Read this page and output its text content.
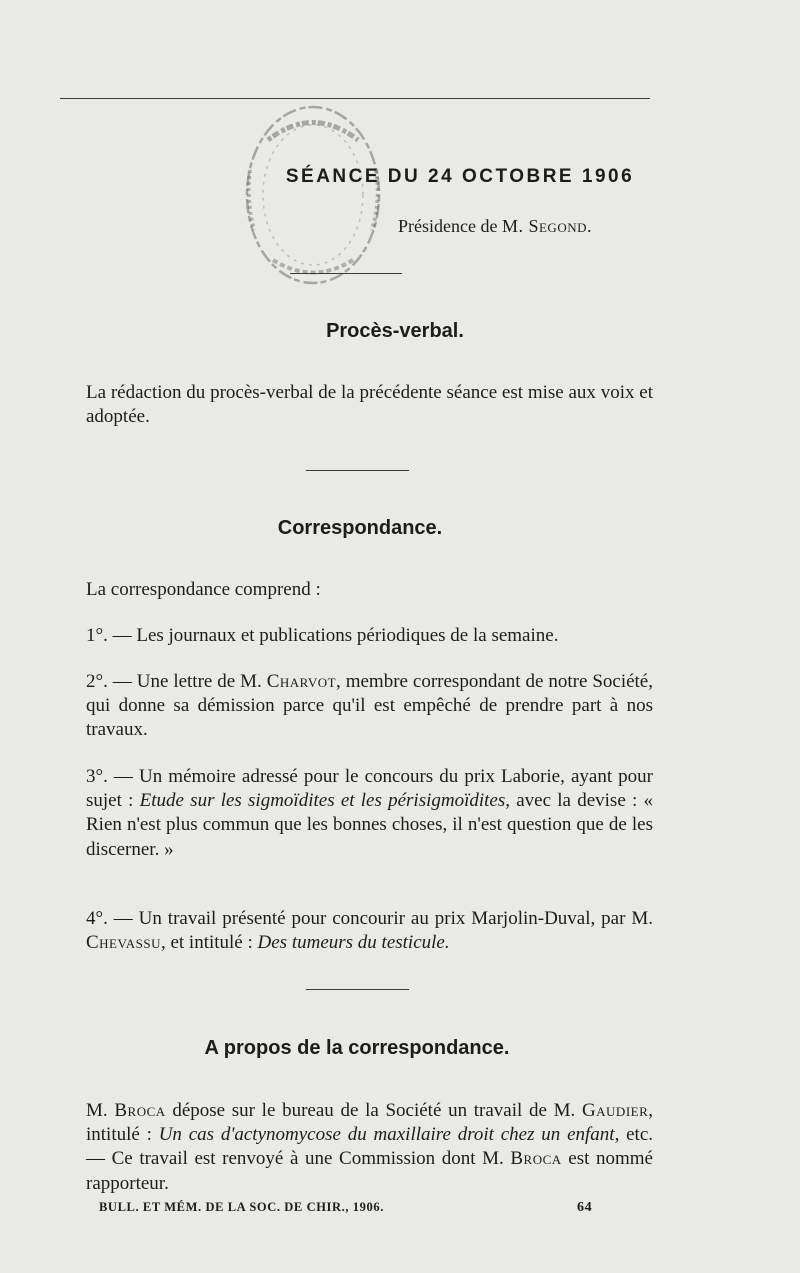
SÉANCE DU 24 OCTOBRE 1906
Présidence de M. Segond.
Procès-verbal.

La rédaction du procès-verbal de la précédente séance est mise aux voix et adoptée.

Correspondance.

La correspondance comprend :

1°. — Les journaux et publications périodiques de la semaine.

2°. — Une lettre de M. Charvot, membre correspondant de notre Société, qui donne sa démission parce qu'il est empêché de prendre part à nos travaux.

3°. — Un mémoire adressé pour le concours du prix Laborie, ayant pour sujet : Etude sur les sigmoïdites et les périsigmoïdites, avec la devise : « Rien n'est plus commun que les bonnes choses, il n'est question que de les discerner. »

4°. — Un travail présenté pour concourir au prix Marjolin-Duval, par M. Chevassu, et intitulé : Des tumeurs du testicule.

A propos de la correspondance.

M. Broca dépose sur le bureau de la Société un travail de M. Gaudier, intitulé : Un cas d'actynomycose du maxillaire droit chez un enfant, etc. — Ce travail est renvoyé à une Commission dont M. Broca est nommé rapporteur.

BULL. ET MÉM. DE LA SOC. DE CHIR., 1906.	64
